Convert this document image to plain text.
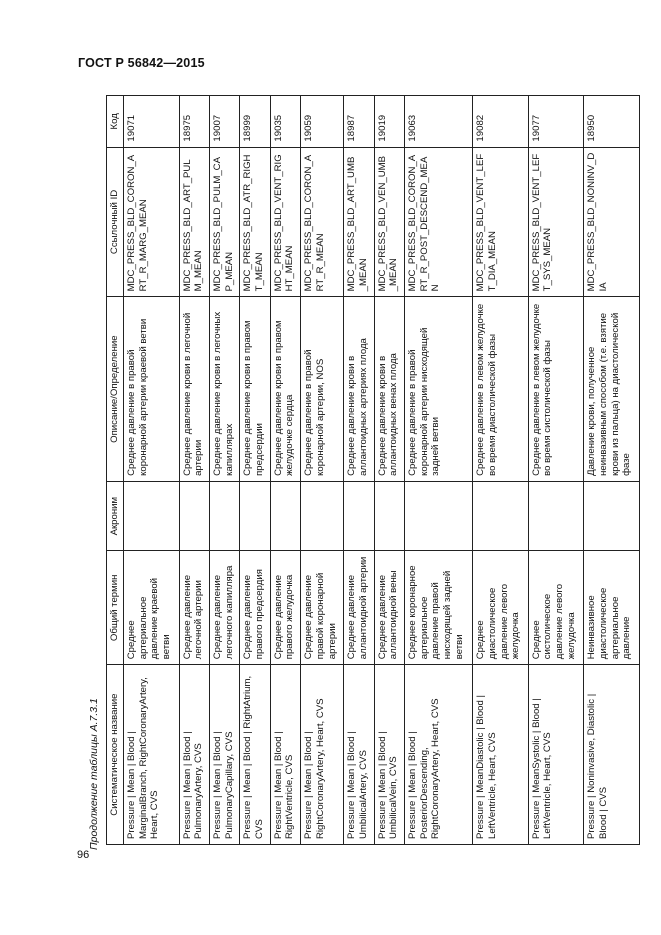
ГОСТ Р 56842—2015
Продолжение таблицы А.7.3.1
96
Систематическое название	Общий термин	Акроним	Описание/Определение	Ссылочный ID	Код
Pressure | Mean | Blood | MarginalBranch, RightCoronaryArtery, Heart, CVS	Среднее артериальное давление краевой ветви		Среднее давление в правой коронарной артерии краевой ветви	MDC_PRESS_BLD_CORON_ART_R_MARG_MEAN	19071
Pressure | Mean | Blood | PulmonaryArtery, CVS	Среднее давление легочной артерии		Среднее давление крови в легочной артерии	MDC_PRESS_BLD_ART_PULM_MEAN	18975
Pressure | Mean | Blood | PulmonaryCapillary, CVS	Среднее давление легочного капилляра		Среднее давление крови в легочных капиллярах	MDC_PRESS_BLD_PULM_CAP_MEAN	19007
Pressure | Mean | Blood | RightAtrium, CVS	Среднее давление правого предсердия		Среднее давление крови в правом предсердии	MDC_PRESS_BLD_ATR_RIGHT_MEAN	18999
Pressure | Mean | Blood | RightVentricle, CVS	Среднее давление правого желудочка		Среднее давление крови в правом желудочке сердца	MDC_PRESS_BLD_VENT_RIGHT_MEAN	19035
Pressure | Mean | Blood | RightCoronaryArtery, Heart, CVS	Среднее давление правой коронарной артерии		Среднее давление в правой коронарной артерии, NOS	MDC_PRESS_BLD_CORON_ART_R_MEAN	19059
Pressure | Mean | Blood | UmbilicalArtery, CVS	Среднее давление аллантоидной артерии		Среднее давление крови в аллантоидных артериях плода	MDC_PRESS_BLD_ART_UMB_MEAN	18987
Pressure | Mean | Blood | UmbilicalVein, CVS	Среднее давление аллантоидной вены		Среднее давление крови в аллантоидных венах плода	MDC_PRESS_BLD_VEN_UMB_MEAN	19019
Pressure | Mean | Blood | PosteriorDescending, RightCoronaryArtery, Heart, CVS	Среднее коронарное артериальное давление правой нисходящей задней ветви		Среднее давление в правой коронарной артерии нисходящей задней ветви	MDC_PRESS_BLD_CORON_ART_R_POST_DESCEND_MEAN	19063
Pressure | MeanDiastolic | Blood | LeftVentricle, Heart, CVS	Среднее диастолическое давление левого желудочка		Среднее давление в левом желудочке во время диастолической фазы	MDC_PRESS_BLD_VENT_LEFT_DIA_MEAN	19082
Pressure | MeanSystolic | Blood | LeftVentricle, Heart, CVS	Среднее систолическое давление левого желудочка		Среднее давление в левом желудочке во время систолической фазы	MDC_PRESS_BLD_VENT_LEFT_SYS_MEAN	19077
Pressure | Noninvasive, Diastolic | Blood | CVS	Неинвазивное диастолическое артериальное давление		Давление крови, полученное неинвазивным способом (т.е. взятие крови из пальца) на диастолической фазе	MDC_PRESS_BLD_NONINV_DIA	18950
